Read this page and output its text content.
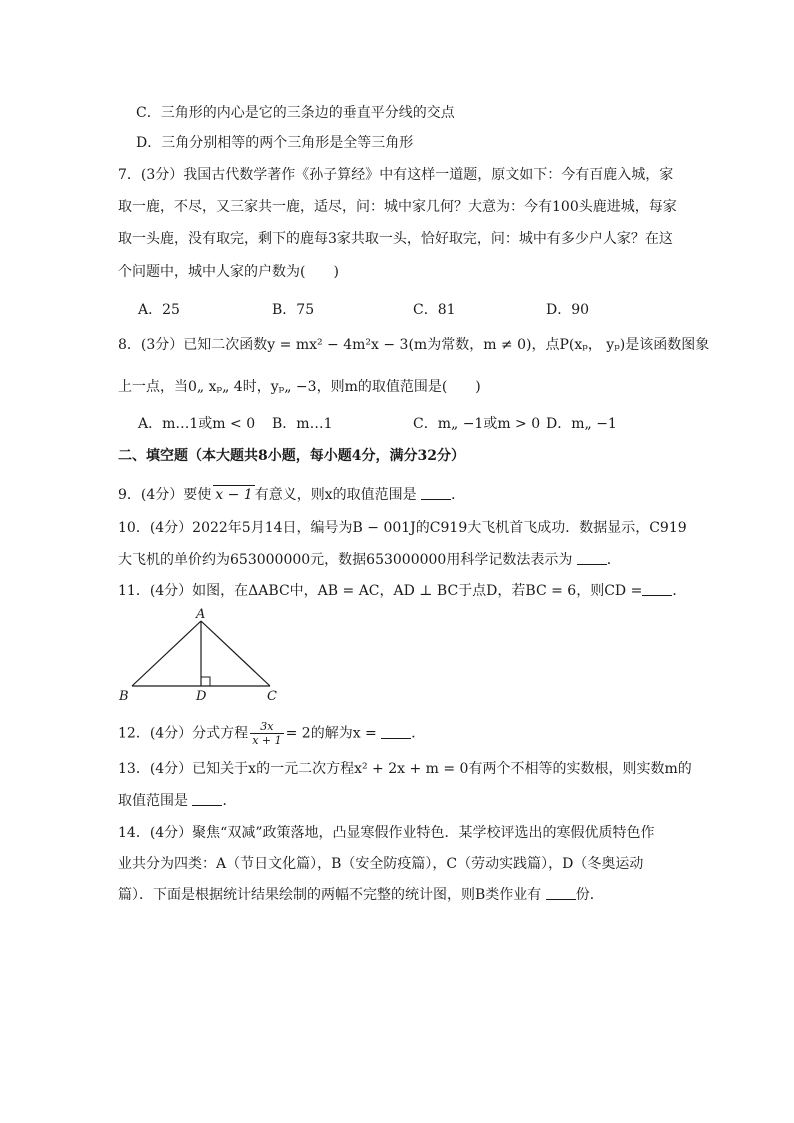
C．三角形的内心是它的三条边的垂直平分线的交点
D．三角分别相等的两个三角形是全等三角形
7．(3分）我国古代数学著作《孙子算经》中有这样一道题，原文如下：今有百鹿入城，家
取一鹿，不尽，又三家共一鹿，适尽，问：城中家几何？大意为：今有100头鹿进城，每家
取一头鹿，没有取完，剩下的鹿每3家共取一头，恰好取完，问：城中有多少户人家？在这
个问题中，城中人家的户数为(　　)
A．25	B．75	C．81	D．90
8．(3分）已知二次函数y = mx² − 4m²x − 3(m为常数，m ≠ 0)，点P(xₚ， yₚ)是该函数图象
上一点，当0„ xₚ„ 4时，yₚ„ −3，则m的取值范围是(　　)
A．m…1或m < 0 B．m…1	C．m„ −1或m > 0 D．m„ −1
二、填空题（本大题共8小题，每小题4分，满分32分）
9．(4分）要使 x − 1 有意义，则x的取值范围是 ．
10．(4分）2022年5月14日，编号为B − 001J的C919大飞机首飞成功．数据显示，C919
大飞机的单价约为653000000元，数据653000000用科学记数法表示为 ．
11．(4分）如图，在ΔABC中，AB = AC，AD ⊥ BC于点D，若BC = 6，则CD = ．
A
B	D	C
12．(4分）分式方程 $\frac{3x}{x + 1} = 2$的解为x = ．
13．(4分）已知关于x的一元二次方程x² + 2x + m = 0有两个不相等的实数根，则实数m的
取值范围是 ．
14．(4分）聚焦“双减”政策落地，凸显寒假作业特色．某学校评选出的寒假优质特色作
业共分为四类：A（节日文化篇），B（安全防疫篇），C（劳动实践篇），D（冬奥运动
篇）．下面是根据统计结果绘制的两幅不完整的统计图，则B类作业有 份．
